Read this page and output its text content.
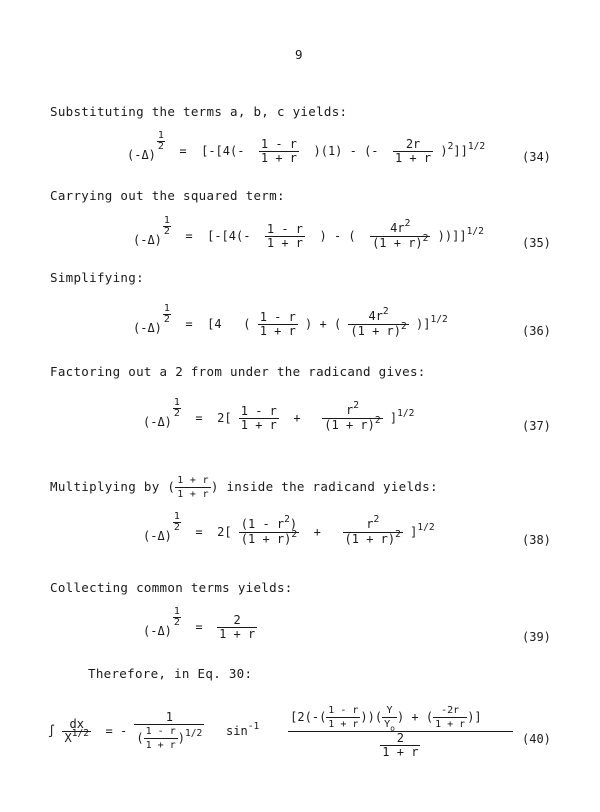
9
Substituting the terms a, b, c yields:
(-Δ)
$\frac{1}{2} = [-[4(- \frac{1 - r}{1 + r} )(1)$ - (- $\frac{2r}{1 + r} )^2]]^{1/2}$
(34)
Carrying out the squared term:
(-Δ)
$\frac{1}{2} = [-[4(- \frac{1 - r}{1 + r}$ ) - ( $\frac{4r^2}{(1 + r)^2} ))]]^{1/2}$
(35)
Simplifying:
(-Δ)
$\frac{1}{2} = [4$   ( $\frac{1 - r}{1 + r}$ ) + ( $\frac{4r^2}{(1 + r)^2} )]^{1/2}$
(36)
Factoring out a 2 from under the radicand gives:
(-Δ)
$\frac{1}{2} = 2[ \frac{1 - r}{1 + r} + \frac{r^2}{(1 + r)^2} ]^{1/2}$
(37)
Multiplying by ( $\frac{1 + r}{1 + r}$ ) inside the radicand yields:
(-Δ)
$\frac{1}{2} = 2[ \frac{(1 - r^2)}{(1 + r)^2} + \frac{r^2}{(1 + r)^2} ]^{1/2}$
(38)
Collecting common terms yields:
(-Δ)
$\frac{1}{2} = \frac{2}{1 + r}$	(39)
Therefore, in Eq. 30:
∫ $\frac{dx}{X^{1/2}}$ = - $\frac{1}{( \frac{1 - r}{1 + r} )^{1/2}} \sin^{-1} \frac{[2(-( \frac{1 - r}{1 + r} ))( \frac{Y}{Y_o} ) + ( \frac{-2r}{1 + r} )]}{\frac{2}{1 + r}} (40)$
